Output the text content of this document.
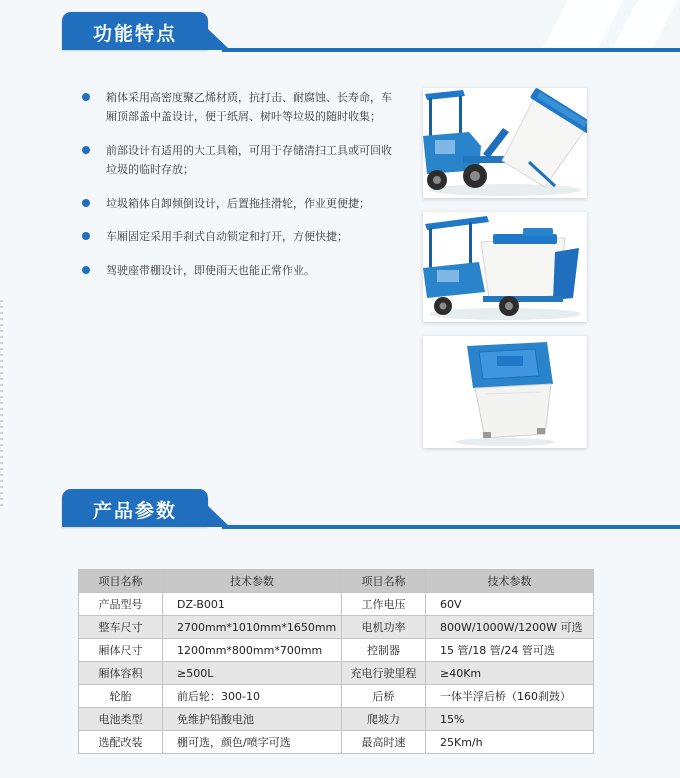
功能特点
箱体采用高密度聚乙烯材质，抗打击、耐腐蚀、长寿命，车厢顶部盖中盖设计，便于纸屑、树叶等垃圾的随时收集；
前部设计有适用的大工具箱，可用于存储清扫工具或可回收垃圾的临时存放；
垃圾箱体自卸倾倒设计，后置拖挂滑轮，作业更便捷；
车厢固定采用手刹式自动锁定和打开，方便快捷；
驾驶座带棚设计，即使雨天也能正常作业。
产品参数
项目名称	技术参数	项目名称	技术参数
产品型号	DZ-B001	工作电压	60V
整车尺寸	2700mm*1010mm*1650mm	电机功率	800W/1000W/1200W 可选
厢体尺寸	1200mm*800mm*700mm	控制器	15 管/18 管/24 管可选
厢体容积	≥500L	充电行驶里程	≥40Km
轮胎	前后轮：300-10	后桥	一体半浮后桥（160刹鼓）
电池类型	免维护铅酸电池	爬坡力	15%
选配改装	棚可选，颜色/喷字可选	最高时速	25Km/h
